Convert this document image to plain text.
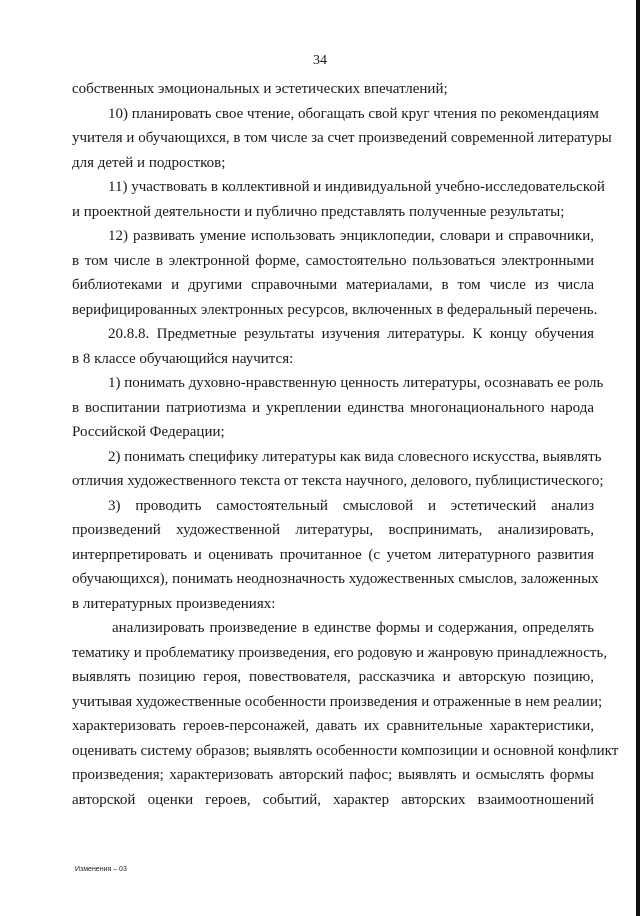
34
собственных эмоциональных и эстетических впечатлений;
10) планировать свое чтение, обогащать свой круг чтения по рекомендациям
учителя и обучающихся, в том числе за счет произведений современной литературы
для детей и подростков;
11) участвовать в коллективной и индивидуальной учебно-исследовательской
и проектной деятельности и публично представлять полученные результаты;
12) развивать умение использовать энциклопедии, словари и справочники,
в том числе в электронной форме, самостоятельно пользоваться электронными
библиотеками и другими справочными материалами, в том числе из числа
верифицированных электронных ресурсов, включенных в федеральный перечень.
20.8.8. Предметные результаты изучения литературы. К концу обучения
в 8 классе обучающийся научится:
1) понимать духовно-нравственную ценность литературы, осознавать ее роль
в воспитании патриотизма и укреплении единства многонационального народа
Российской Федерации;
2) понимать специфику литературы как вида словесного искусства, выявлять
отличия художественного текста от текста научного, делового, публицистического;
3) проводить самостоятельный смысловой и эстетический анализ
произведений художественной литературы, воспринимать, анализировать,
интерпретировать и оценивать прочитанное (с учетом литературного развития
обучающихся), понимать неоднозначность художественных смыслов, заложенных
в литературных произведениях:
анализировать произведение в единстве формы и содержания, определять
тематику и проблематику произведения, его родовую и жанровую принадлежность,
выявлять позицию героя, повествователя, рассказчика и авторскую позицию,
учитывая художественные особенности произведения и отраженные в нем реалии;
характеризовать героев-персонажей, давать их сравнительные характеристики,
оценивать систему образов; выявлять особенности композиции и основной конфликт
произведения; характеризовать авторский пафос; выявлять и осмыслять формы
авторской оценки героев, событий, характер авторских взаимоотношений
Изменения – 03
